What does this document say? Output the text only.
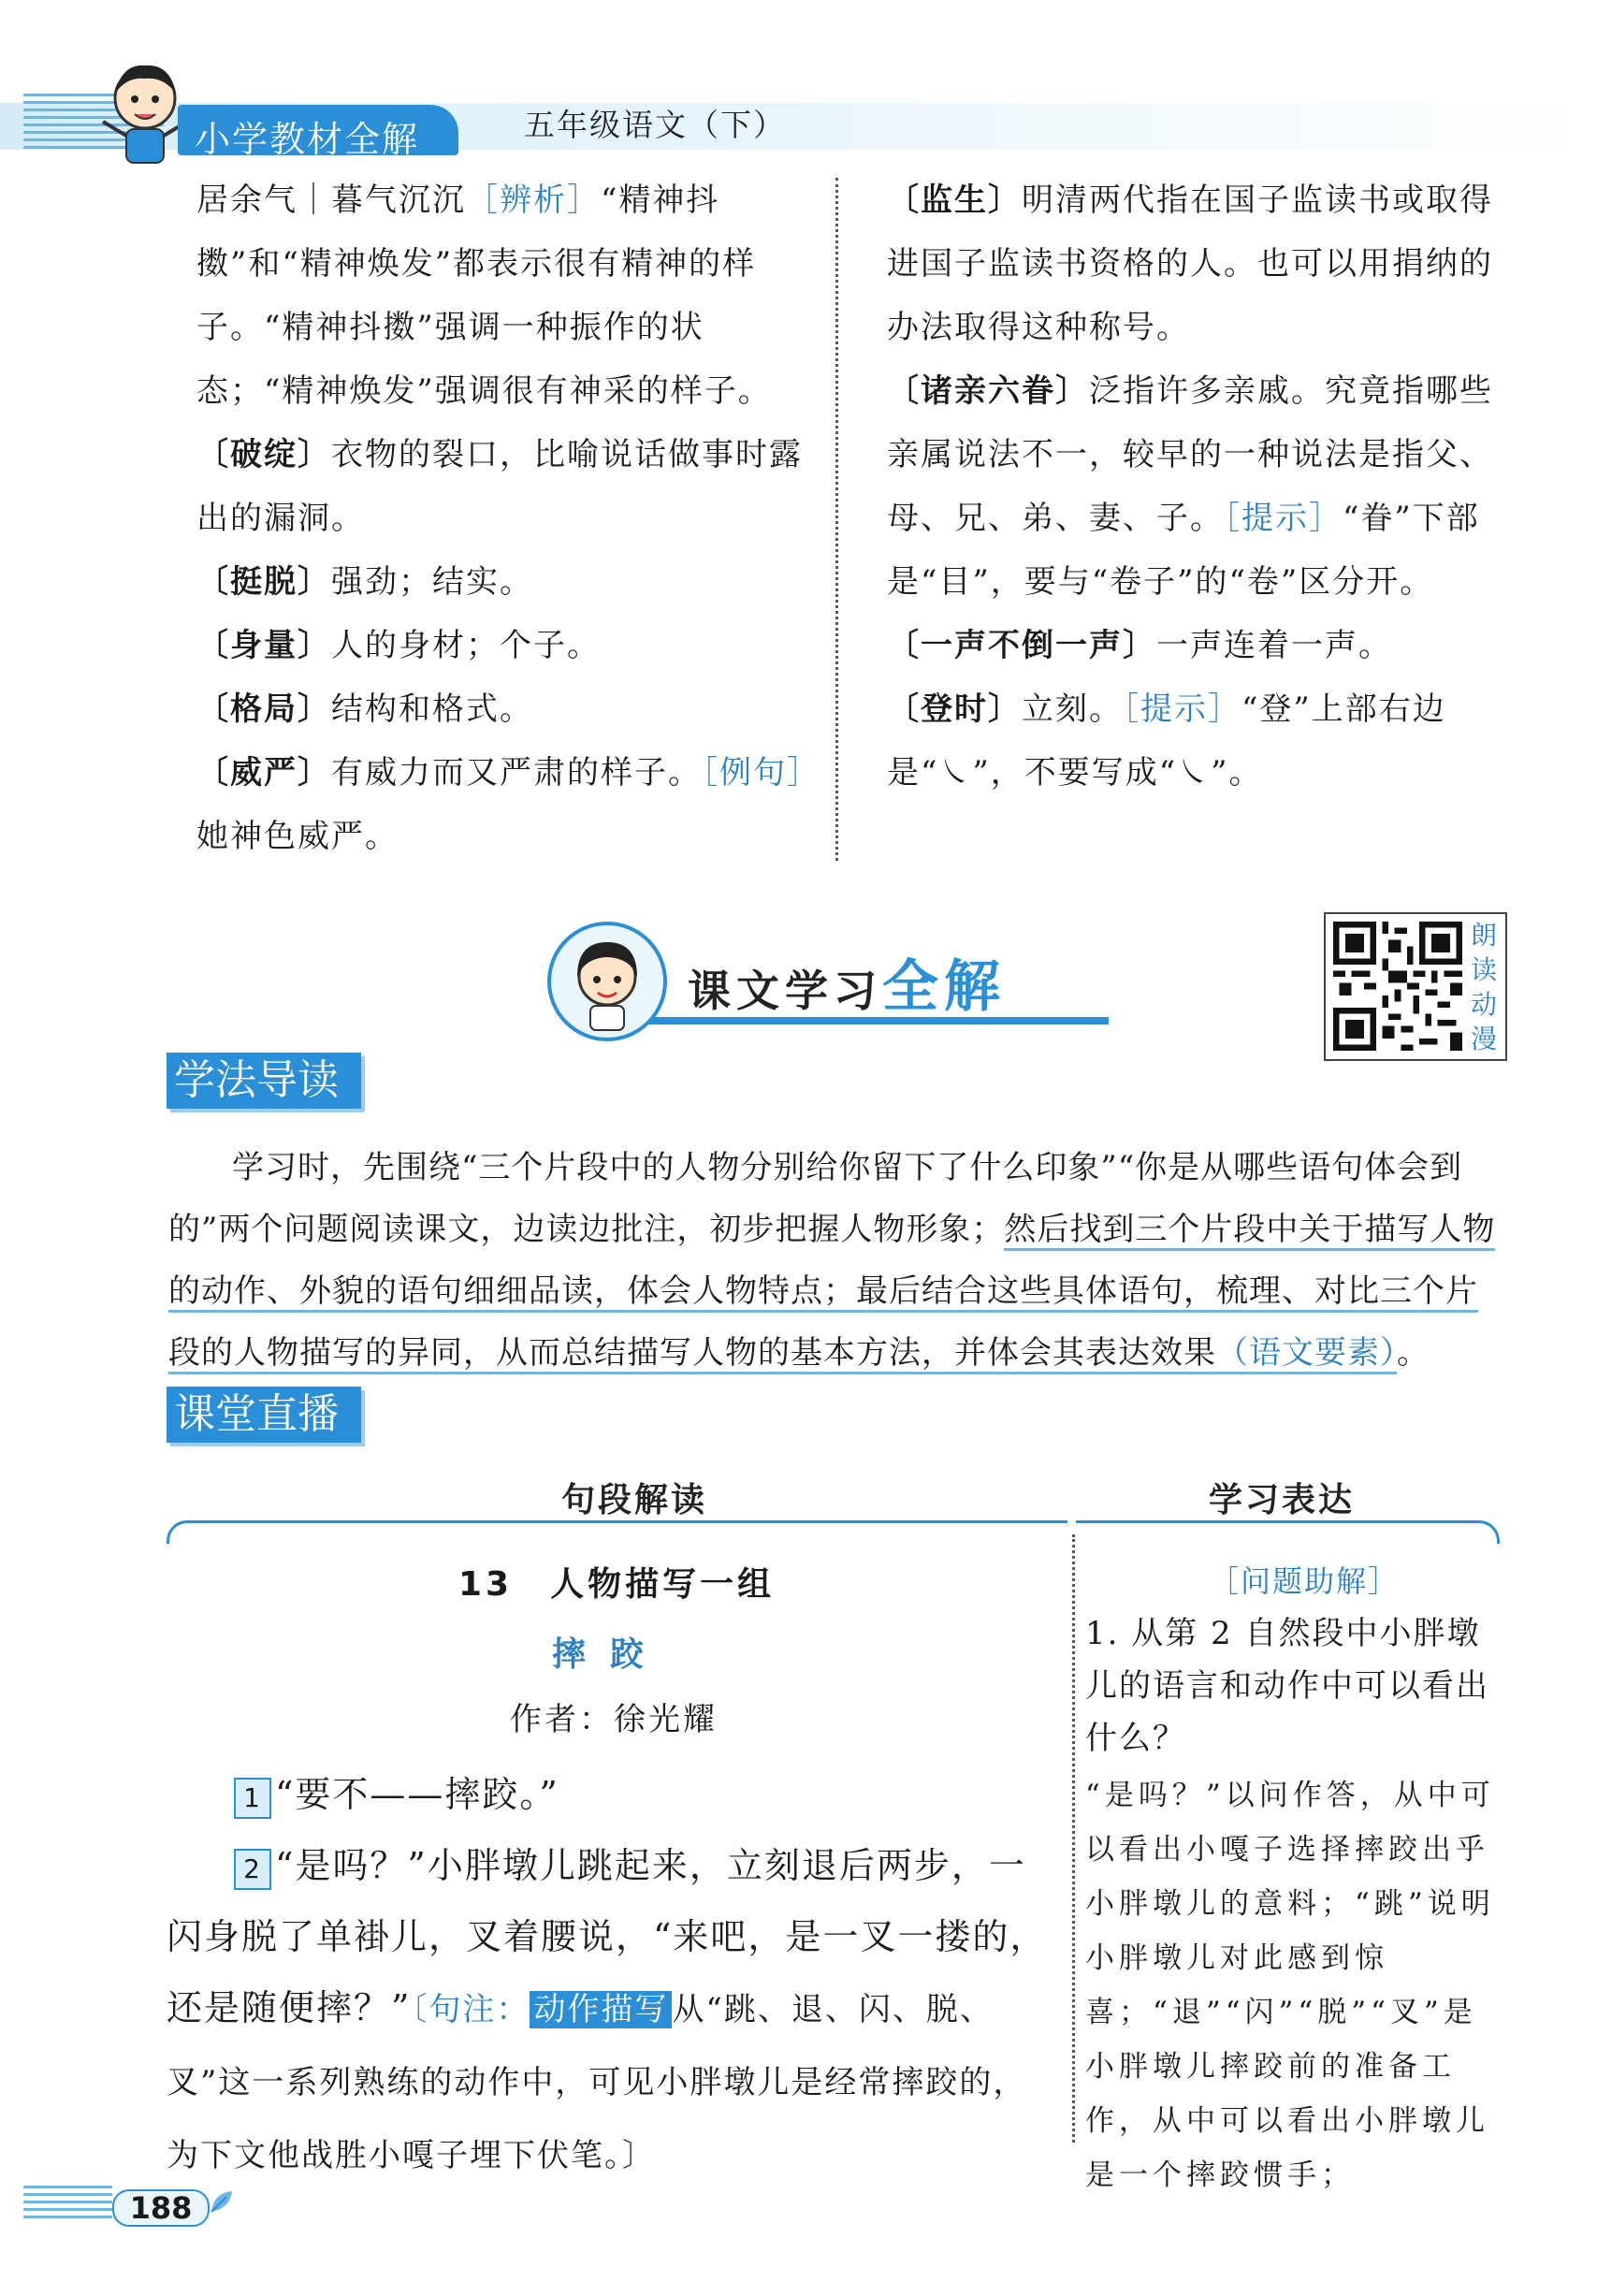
小学教材全解	五年级语文（下）

居余气｜暮气沉沉［辨析］“精神抖擞”和“精神焕发”都表示很有精神的样子。“精神抖擞”强调一种振作的状态；“精神焕发”强调很有神采的样子。

〔破绽〕衣物的裂口，比喻说话做事时露出的漏洞。

〔挺脱〕强劲；结实。

〔身量〕人的身材；个子。

〔格局〕结构和格式。

〔威严〕有威力而又严肃的样子。［例句］她神色威严。

〔监生〕明清两代指在国子监读书或取得进国子监读书资格的人。也可以用捐纳的办法取得这种称号。

〔诸亲六眷〕泛指许多亲戚。究竟指哪些亲属说法不一，较早的一种说法是指父、母、兄、弟、妻、子。［提示］“眷”下部是“目”，要与“卷子”的“卷”区分开。

〔一声不倒一声〕一声连着一声。

〔登时〕立刻。［提示］“登”上部右边是“㇏”，不要写成“㇏”。

课文学习全解
朗
读
动
漫
学法导读
学习时，先围绕“三个片段中的人物分别给你留下了什么印象”“你是从哪些语句体会到的”两个问题阅读课文，边读边批注，初步把握人物形象；然后找到三个片段中关于描写人物的动作、外貌的语句细细品读，体会人物特点；最后结合这些具体语句，梳理、对比三个片段的人物描写的异同，从而总结描写人物的基本方法，并体会其表达效果（语文要素）。
课堂直播
句段解读	学习表达
13　人物描写一组
摔跤
作者：徐光耀

1 “要不——摔跤。”

2 “是吗？”小胖墩儿跳起来，立刻退后两步，一闪身脱了单褂儿，叉着腰说，“来吧，是一叉一搂的，还是随便摔？”〔句注： 动作描写 从“跳、退、闪、脱、叉”这一系列熟练的动作中，可见小胖墩儿是经常摔跤的，为下文他战胜小嘎子埋下伏笔。〕

［问题助解］
1. 从第 2 自然段中小胖墩儿的语言和动作中可以看出什么？
“是吗？”以问作答，从中可以看出小嘎子选择摔跤出乎小胖墩儿的意料；“跳”说明小胖墩儿对此感到惊喜；“退”“闪”“脱”“叉”是小胖墩儿摔跤前的准备工作，从中可以看出小胖墩儿是一个摔跤惯手；
188
